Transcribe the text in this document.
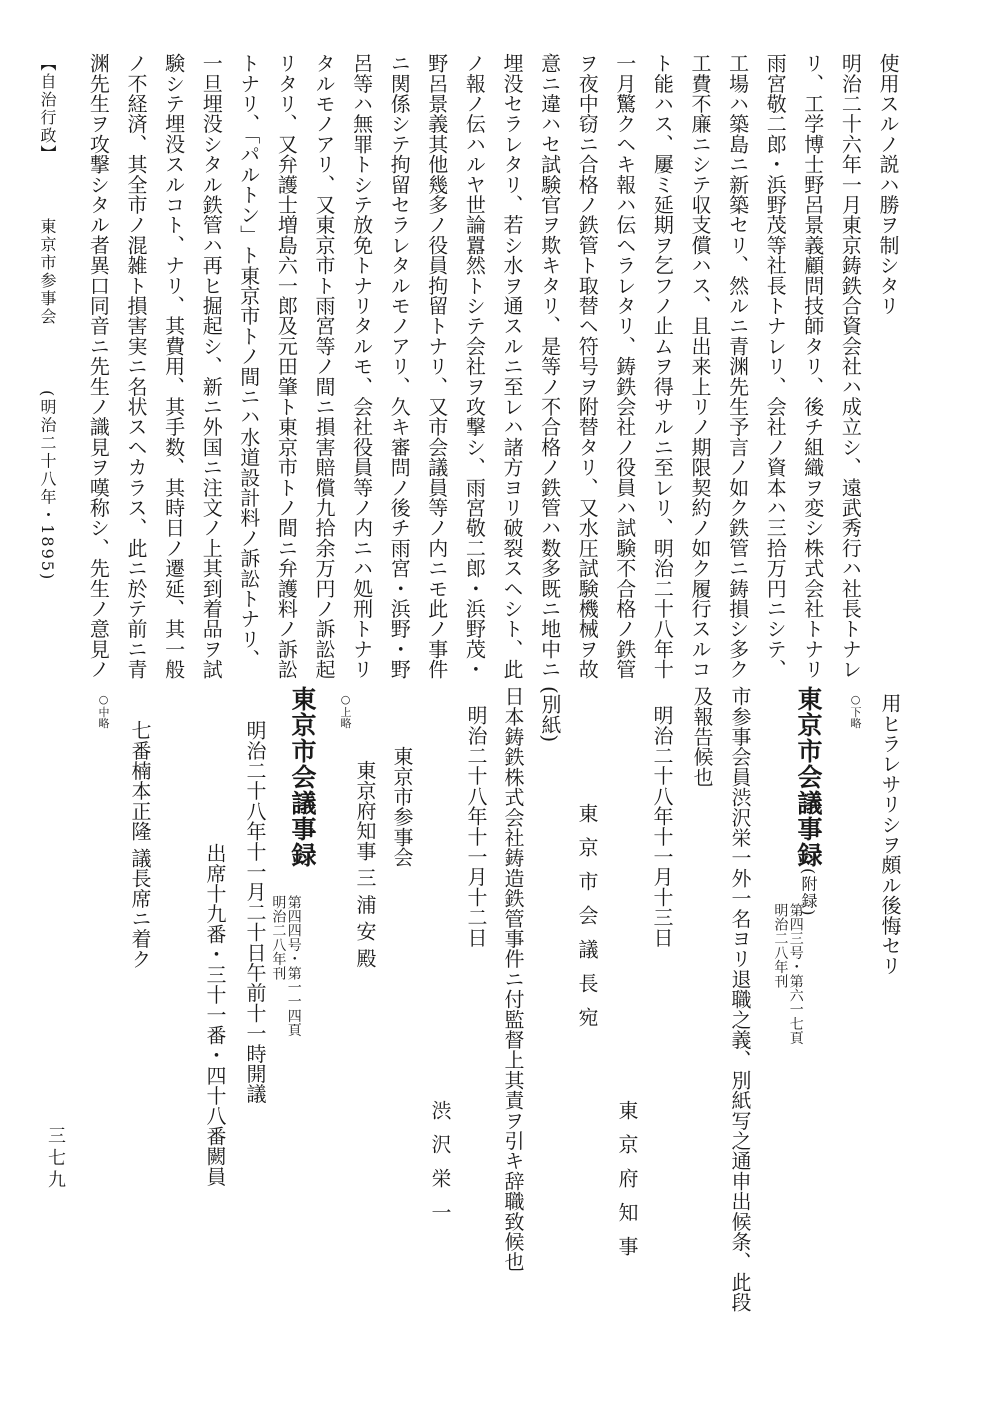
使用スルノ説ハ勝ヲ制シタリ
明治二十六年一月東京鋳鉄合資会社ハ成立シ、遠武秀行ハ社長トナレ
リ、工学博士野呂景義顧問技師タリ、後チ組織ヲ変シ株式会社トナリ
雨宮敬二郎・浜野茂等社長トナレリ、会社ノ資本ハ三拾万円ニシテ、
工場ハ築島ニ新築セリ、然ルニ青渊先生予言ノ如ク鉄管ニ鋳損シ多ク
工費不廉ニシテ収支償ハス、且出来上リノ期限契約ノ如ク履行スルコ
ト能ハス、屢ミ延期ヲ乞フノ止ムヲ得サルニ至レリ、明治二十八年十
一月驚クヘキ報ハ伝ヘラレタリ、鋳鉄会社ノ役員ハ試験不合格ノ鉄管
ヲ夜中窃ニ合格ノ鉄管ト取替ヘ符号ヲ附替タリ、又水圧試験機械ヲ故
意ニ違ハセ試験官ヲ欺キタリ、是等ノ不合格ノ鉄管ハ数多既ニ地中ニ
埋没セラレタリ、若シ水ヲ通スルニ至レハ諸方ヨリ破裂スヘシト、此
ノ報ノ伝ハルヤ世論囂然トシテ会社ヲ攻撃シ、雨宮敬二郎・浜野茂・
野呂景義其他幾多ノ役員拘留トナリ、又市会議員等ノ内ニモ此ノ事件
ニ関係シテ拘留セラレタルモノアリ、久キ審問ノ後チ雨宮・浜野・野
呂等ハ無罪トシテ放免トナリタルモ、会社役員等ノ内ニハ処刑トナリ
タルモノアリ、又東京市ト雨宮等ノ間ニ損害賠償九拾余万円ノ訴訟起
リタリ、又弁護士増島六一郎及元田肇ト東京市トノ間ニ弁護料ノ訴訟
トナリ、「パルトン」ト東京市トノ間ニハ水道設計料ノ訴訟トナリ、
一旦埋没シタル鉄管ハ再ヒ掘起シ、新ニ外国ニ注文ノ上其到着品ヲ試
験シテ埋没スルコト、ナリ、其費用、其手数、其時日ノ遷延、其一般
ノ不経済、其全市ノ混雑ト損害実ニ名状スヘカラス、此ニ於テ前ニ青
渊先生ヲ攻撃シタル者異口同音ニ先生ノ識見ヲ嘆称シ、先生ノ意見ノ
用ヒラレサリシヲ頗ル後悔セリ
○下略
東京市会議事録(附録)
第四三号・第六一七頁
明治二八年刊
市参事会員渋沢栄一外一名ヨリ退職之義、別紙写之通申出候条、此段
及報告候也
明治二十八年十一月十三日
東京府知事
東京市会議長宛
(別紙)
日本鋳鉄株式会社鋳造鉄管事件ニ付監督上其責ヲ引キ辞職致候也
明治二十八年十一月十二日
渋沢栄一
東京市参事会
東京府知事 三 浦 安 殿
○上略
東京市会議事録
第四四号・第一一四頁
明治二八年刊
明治二十八年十一月二十日午前十一時開議
出席十九番・三十一番・四十八番闕員
○中略
七番楠本正隆 議長席ニ着ク
【自治行政】
東京市参事会
(明治二十八年・1895)
三七九
